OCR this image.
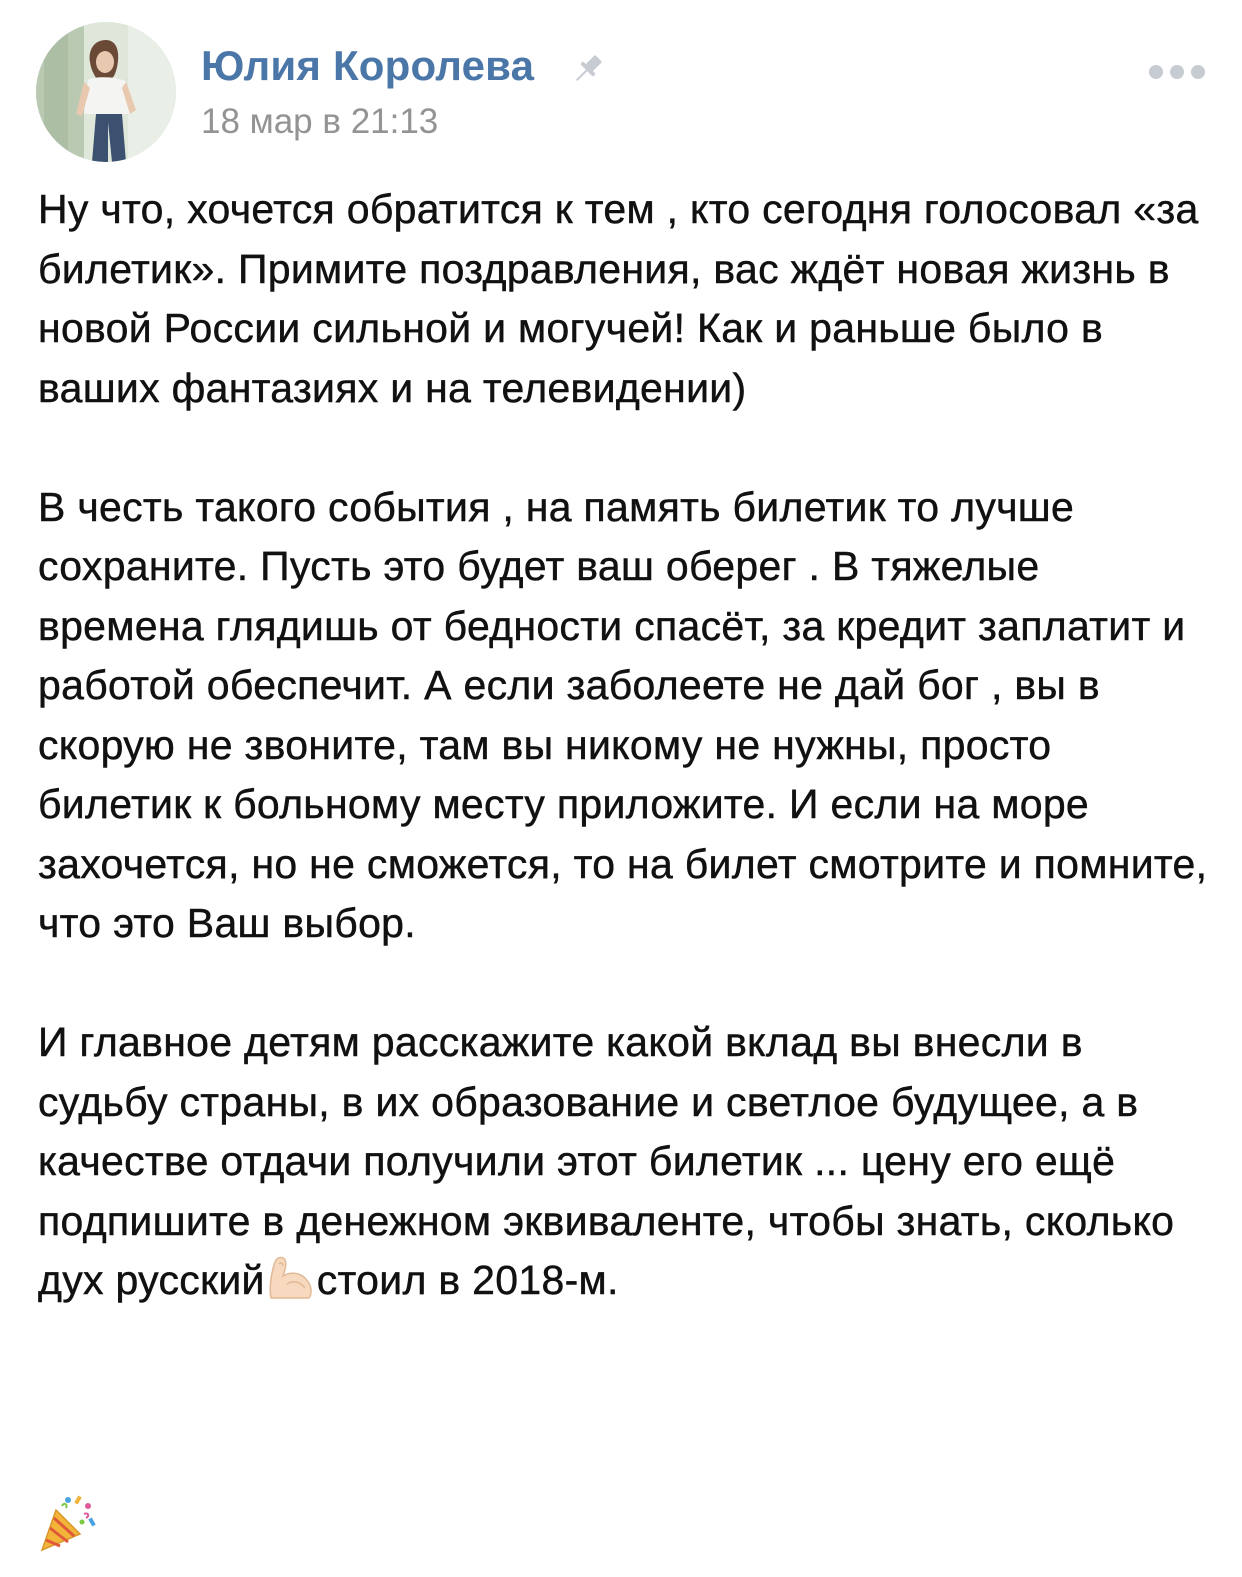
Юлия Королева
18 мар в 21:13

Ну что, хочется обратится к тем , кто сегодня голосовал «за билетик». Примите поздравления, вас ждёт новая жизнь в новой России сильной и могучей! Как и раньше было в ваших фантазиях и на телевидении)

В честь такого события , на память билетик то лучше сохраните. Пусть это будет ваш оберег . В тяжелые времена глядишь от бедности спасёт, за кредит заплатит и работой обеспечит. А если заболеете не дай бог , вы в скорую не звоните, там вы никому не нужны, просто билетик к больному месту приложите. И если на море захочется, но не сможется, то на билет смотрите и помните, что это Ваш выбор.

И главное детям расскажите какой вклад вы внесли в судьбу страны, в их образование и светлое будущее, а в качестве отдачи получили этот билетик ... цену его ещё подпишите в денежном эквиваленте, чтобы знать, сколько дух русский стоил в 2018-м.
